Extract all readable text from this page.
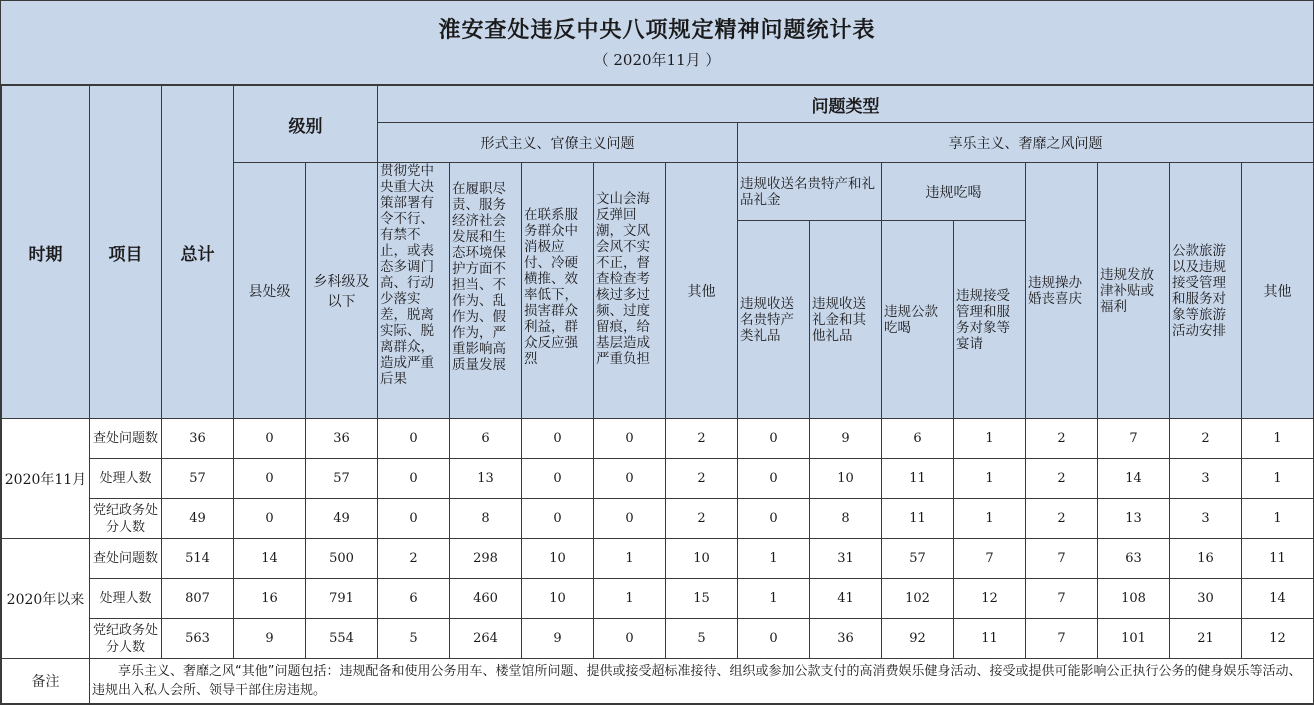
淮安查处违反中央八项规定精神问题统计表
（ 2020年11月 ）
时期	项目	总计	级别		问题类型												
					形式主义、官僚主义问题					享乐主义、奢靡之风问题							
			县处级	乡科级及以下	贯彻党中央重大决策部署有令不行、有禁不止，或表态多调门高、行动少落实差，脱离实际、脱离群众，造成严重后果	在履职尽责、服务经济社会发展和生态环境保护方面不担当、不作为、乱作为、假作为，严重影响高质量发展	在联系服务群众中消极应付、冷硬横推、效率低下，损害群众利益，群众反应强烈	文山会海反弹回潮，文风会风不实不正，督查检查考核过多过频、过度留痕，给基层造成严重负担	其他	违规收送名贵特产和礼品礼金		违规吃喝		违规操办婚丧喜庆	违规发放津补贴或福利	公款旅游以及违规接受管理和服务对象等旅游活动安排	其他
										违规收送名贵特产类礼品	违规收送礼金和其他礼品	违规公款吃喝	违规接受管理和服务对象等宴请				
2020年11月	查处问题数	36	0	36	0	6	0	0	2	0	9	6	1	2	7	2	1
	处理人数	57	0	57	0	13	0	0	2	0	10	11	1	2	14	3	1
	党纪政务处分人数	49	0	49	0	8	0	0	2	0	8	11	1	2	13	3	1
2020年以来	查处问题数	514	14	500	2	298	10	1	10	1	31	57	7	7	63	16	11
	处理人数	807	16	791	6	460	10	1	15	1	41	102	12	7	108	30	14
	党纪政务处分人数	563	9	554	5	264	9	0	5	0	36	92	11	7	101	21	12
备注	享乐主义、奢靡之风“其他”问题包括：违规配备和使用公务用车、楼堂馆所问题、提供或接受超标准接待、组织或参加公款支付的高消费娱乐健身活动、接受或提供可能影响公正执行公务的健身娱乐等活动、违规出入私人会所、领导干部住房违规。																
